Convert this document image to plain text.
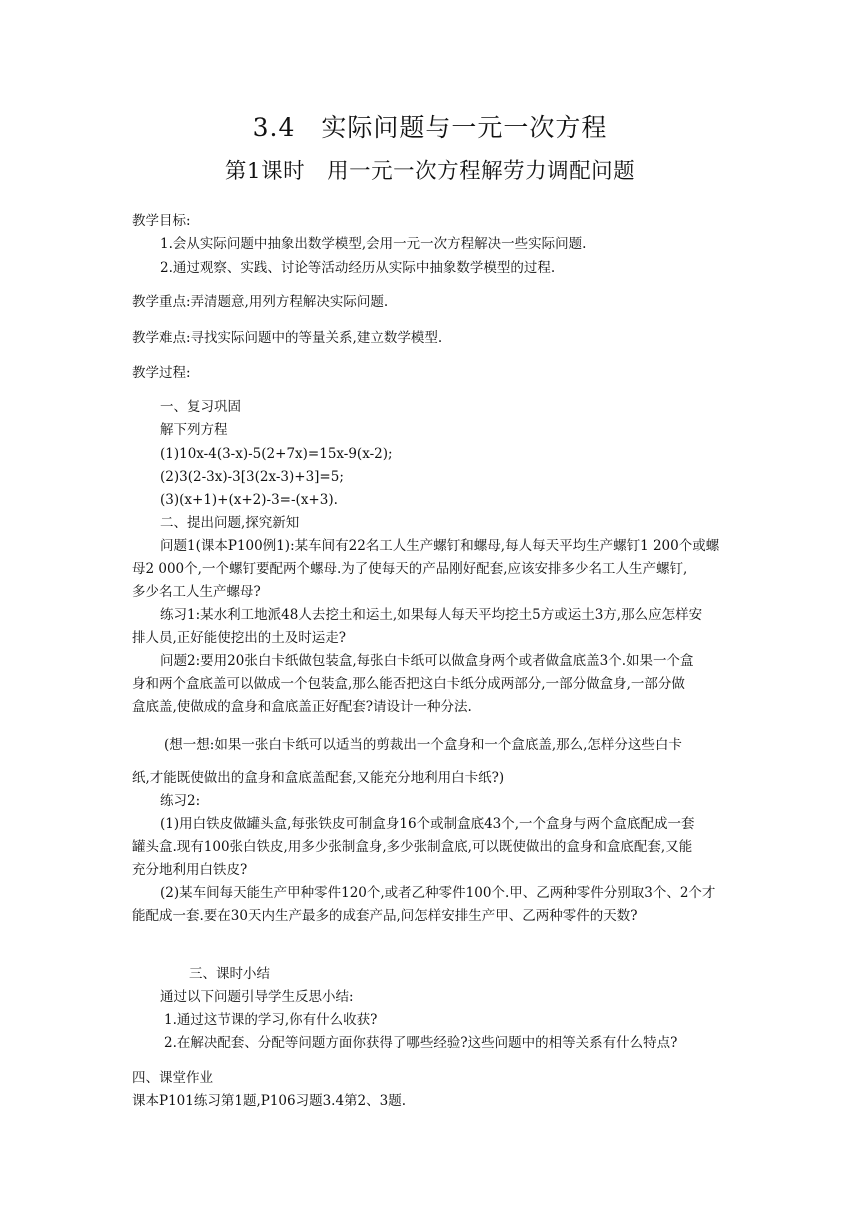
3.4　实际问题与一元一次方程
第1课时　用一元一次方程解劳力调配问题
教学目标:
1.会从实际问题中抽象出数学模型,会用一元一次方程解决一些实际问题.
2.通过观察、实践、讨论等活动经历从实际中抽象数学模型的过程.
教学重点:弄清题意,用列方程解决实际问题.
教学难点:寻找实际问题中的等量关系,建立数学模型.
教学过程:
一、复习巩固
解下列方程
(1)10x-4(3-x)-5(2+7x)=15x-9(x-2);
(2)3(2-3x)-3[3(2x-3)+3]=5;
(3)(x+1)+(x+2)-3=-(x+3).
二、提出问题,探究新知
问题1(课本P100例1):某车间有22名工人生产螺钉和螺母,每人每天平均生产螺钉1 200个或螺
母2 000个,一个螺钉要配两个螺母.为了使每天的产品刚好配套,应该安排多少名工人生产螺钉,
多少名工人生产螺母?
练习1:某水利工地派48人去挖土和运土,如果每人每天平均挖土5方或运土3方,那么应怎样安
排人员,正好能使挖出的土及时运走?
问题2:要用20张白卡纸做包装盒,每张白卡纸可以做盒身两个或者做盒底盖3个.如果一个盒
身和两个盒底盖可以做成一个包装盒,那么能否把这白卡纸分成两部分,一部分做盒身,一部分做
盒底盖,使做成的盒身和盒底盖正好配套?请设计一种分法.
(想一想:如果一张白卡纸可以适当的剪裁出一个盒身和一个盒底盖,那么,怎样分这些白卡
纸,才能既使做出的盒身和盒底盖配套,又能充分地利用白卡纸?)
练习2:
(1)用白铁皮做罐头盒,每张铁皮可制盒身16个或制盒底43个,一个盒身与两个盒底配成一套
罐头盒.现有100张白铁皮,用多少张制盒身,多少张制盒底,可以既使做出的盒身和盒底配套,又能
充分地利用白铁皮?
(2)某车间每天能生产甲种零件120个,或者乙种零件100个.甲、乙两种零件分别取3个、2个才
能配成一套.要在30天内生产最多的成套产品,问怎样安排生产甲、乙两种零件的天数?
三、课时小结
通过以下问题引导学生反思小结:
1.通过这节课的学习,你有什么收获?
2.在解决配套、分配等问题方面你获得了哪些经验?这些问题中的相等关系有什么特点?
四、课堂作业
课本P101练习第1题,P106习题3.4第2、3题.
